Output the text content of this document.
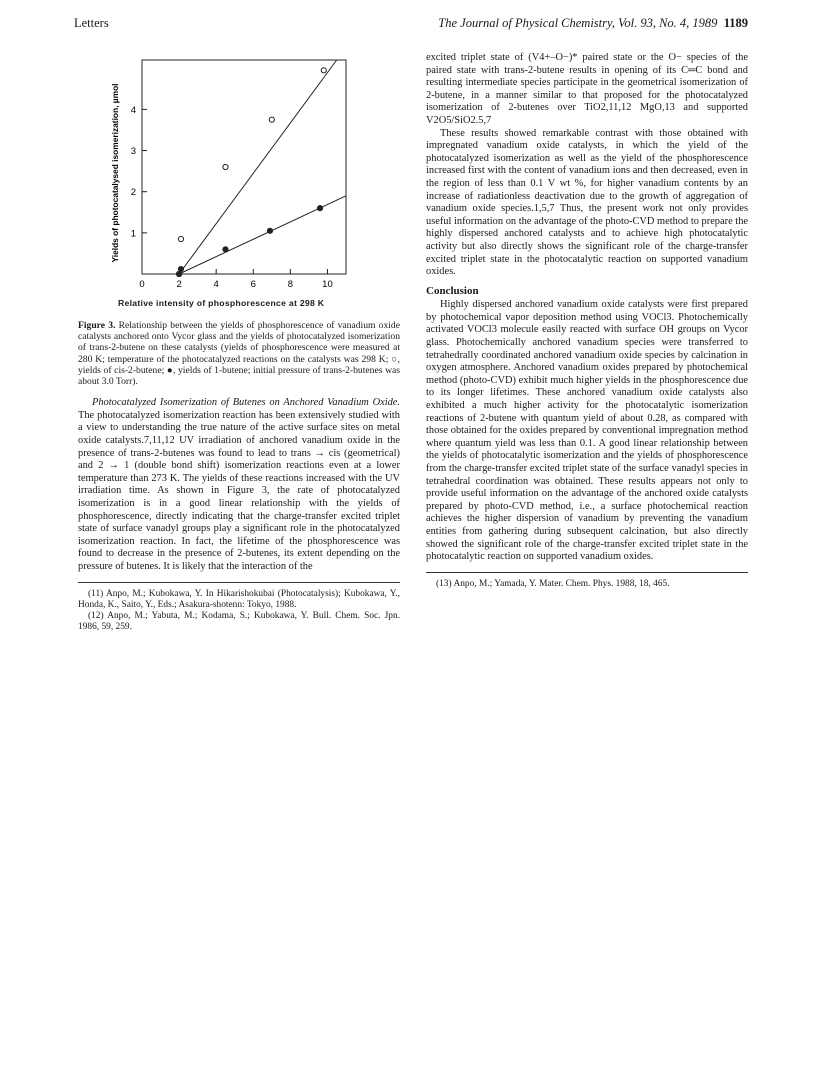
Letters	The Journal of Physical Chemistry, Vol. 93, No. 4, 1989 1189
0	2	4	6	8	10
1
2
3
4
Yields of photocatalysed isomerization, µmol
Relative intensity of phosphorescence at 298 K
Figure 3. Relationship between the yields of phosphorescence of vanadium oxide catalysts anchored onto Vycor glass and the yields of photocatalyzed isomerization of trans-2-butene on these catalysts (yields of phosphorescence were measured at 280 K; temperature of the photocatalyzed reactions on the catalysts was 298 K; ○, yields of cis-2-butene; ●, yields of 1-butene; initial pressure of trans-2-butenes was about 3.0 Torr).

Photocatalyzed Isomerization of Butenes on Anchored Vanadium Oxide. The photocatalyzed isomerization reaction has been extensively studied with a view to understanding the true nature of the active surface sites on metal oxide catalysts.7,11,12 UV irradiation of anchored vanadium oxide in the presence of trans-2-butenes was found to lead to trans → cis (geometrical) and 2 → 1 (double bond shift) isomerization reactions even at a lower temperature than 273 K. The yields of these reactions increased with the UV irradiation time. As shown in Figure 3, the rate of photocatalyzed isomerization is in a good linear relationship with the yields of phosphorescence, directly indicating that the charge-transfer excited triplet state of surface vanadyl groups play a significant role in the photocatalyzed isomerization reaction. In fact, the lifetime of the phosphorescence was found to decrease in the presence of 2-butenes, its extent depending on the pressure of butenes. It is likely that the interaction of the

(11) Anpo, M.; Kubokawa, Y. In Hikarishokubai (Photocatalysis); Kubokawa, Y., Honda, K., Saito, Y., Eds.; Asakura-shotenn: Tokyo, 1988.
(12) Anpo, M.; Yabuta, M.; Kodama, S.; Kubokawa, Y. Bull. Chem. Soc. Jpn. 1986, 59, 259.

excited triplet state of (V4+–O−)* paired state or the O− species of the paired state with trans-2-butene results in opening of its C═C bond and resulting intermediate species participate in the geometrical isomerization of 2-butene, in a manner similar to that proposed for the photocatalyzed isomerization of 2-butenes over TiO2,11,12 MgO,13 and supported V2O5/SiO2.5,7

These results showed remarkable contrast with those obtained with impregnated vanadium oxide catalysts, in which the yield of the photocatalyzed isomerization as well as the yield of the phosphorescence increased first with the content of vanadium ions and then decreased, even in the region of less than 0.1 V wt %, for higher vanadium contents by an increase of radiationless deactivation due to the growth of aggregation of vanadium oxide species.1,5,7 Thus, the present work not only provides useful information on the advantage of the photo-CVD method to prepare the highly dispersed anchored catalysts and to achieve high photocatalytic activity but also directly shows the significant role of the charge-transfer excited triplet state in the photocatalytic reaction on supported vanadium oxides.

Conclusion

Highly dispersed anchored vanadium oxide catalysts were first prepared by photochemical vapor deposition method using VOCl3. Photochemically activated VOCl3 molecule easily reacted with surface OH groups on Vycor glass. Photochemically anchored vanadium species were transferred to tetrahedrally coordinated anchored vanadium oxide species by calcination in oxygen atmosphere. Anchored vanadium oxides prepared by photochemical method (photo-CVD) exhibit much higher yields in the phosphorescence due to its longer lifetimes. These anchored vanadium oxide catalysts also exhibited a much higher activity for the photocatalytic isomerization reactions of 2-butene with quantum yield of about 0.28, as compared with those obtained for the oxides prepared by conventional impregnation method where quantum yield was less than 0.1. A good linear relationship between the yields of photocatalytic isomerization and the yields of phosphorescence from the charge-transfer excited triplet state of the surface vanadyl species in tetrahedral coordination was obtained. These results appears not only to provide useful information on the advantage of the anchored oxide catalysts prepared by photo-CVD method, i.e., a surface photochemical reaction achieves the higher dispersion of vanadium by preventing the vanadium entities from gathering during subsequent calcination, but also directly showed the significant role of the charge-transfer excited triplet state in the photocatalytic reaction on supported vanadium oxides.

(13) Anpo, M.; Yamada, Y. Mater. Chem. Phys. 1988, 18, 465.
